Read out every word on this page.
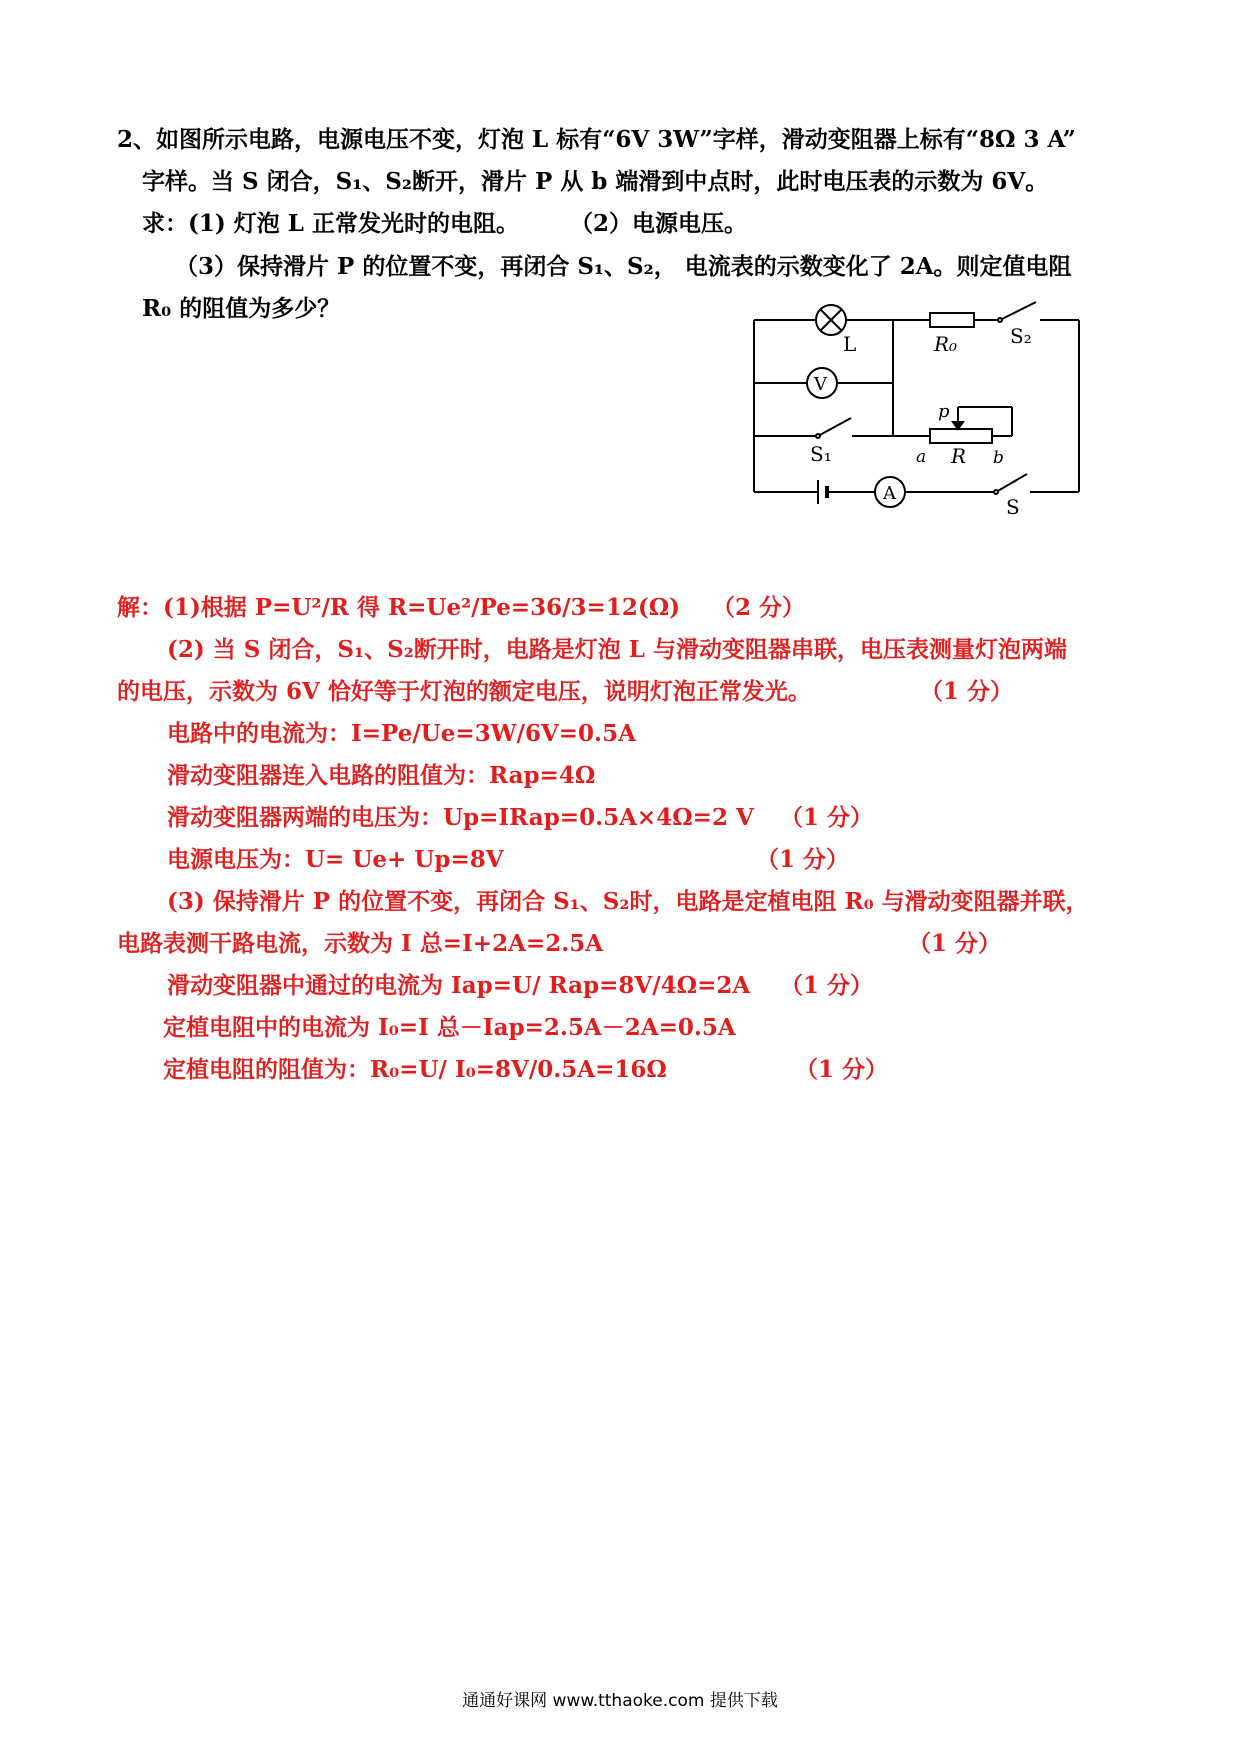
2、如图所示电路，电源电压不变，灯泡 L 标有“6V 3W”字样，滑动变阻器上标有“8Ω 3 A”
字样。当 S 闭合，S₁、S₂断开，滑片 P 从 b 端滑到中点时，此时电压表的示数为 6V。
求：(1) 灯泡 L 正常发光时的电阻。 （2）电源电压。
（3）保持滑片 P 的位置不变，再闭合 S₁、S₂， 电流表的示数变化了 2A。则定值电阻
R₀ 的阻值为多少？
L	R₀	S₂
V
p
S₁	a R b
A
S
解：(1)根据 P=U²/R 得 R=Ue²/Pe=36/3=12(Ω) （2 分）
(2) 当 S 闭合，S₁、S₂断开时，电路是灯泡 L 与滑动变阻器串联，电压表测量灯泡两端
的电压，示数为 6V 恰好等于灯泡的额定电压，说明灯泡正常发光。	（1 分）
电路中的电流为：I=Pe/Ue=3W/6V=0.5A
滑动变阻器连入电路的阻值为：Rap=4Ω
滑动变阻器两端的电压为：Up=IRap=0.5A×4Ω=2 V （1 分）
电源电压为：U= Ue+ Up=8V	（1 分）
(3) 保持滑片 P 的位置不变，再闭合 S₁、S₂时，电路是定植电阻 R₀ 与滑动变阻器并联，
电路表测干路电流，示数为 I 总=I+2A=2.5A	（1 分）
滑动变阻器中通过的电流为 Iap=U/ Rap=8V/4Ω=2A （1 分）
定植电阻中的电流为 I₀=I 总－Iap=2.5A－2A=0.5A
定植电阻的阻值为：R₀=U/ I₀=8V/0.5A=16Ω	（1 分）
通通好课网 www.tthaoke.com 提供下载
